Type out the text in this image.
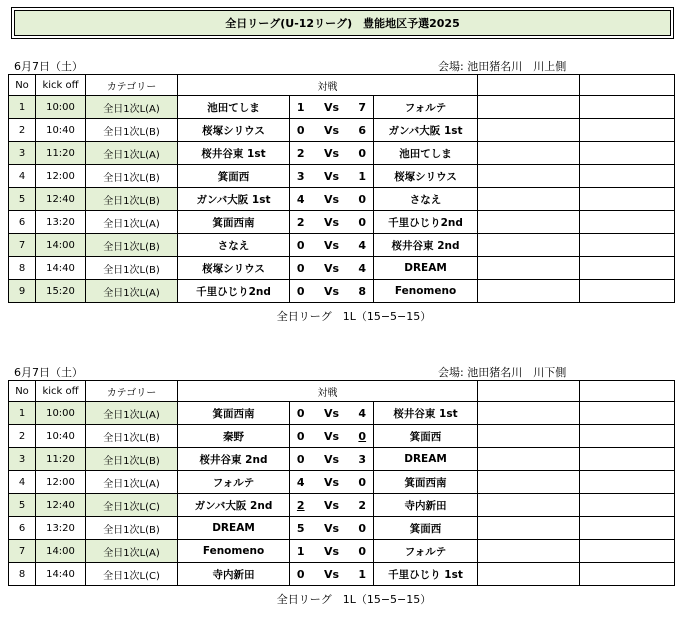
全日リーグ(U-12リーグ)　豊能地区予選2025
6月7日（土）	会場: 池田猪名川　川上側
No	kick off	カテゴリー	対戦						
1	10:00	全日1次L(A)	池田てしま	1	Vs	7	フォルテ		
2	10:40	全日1次L(B)	桜塚シリウス	0	Vs	6	ガンバ大阪 1st		
3	11:20	全日1次L(A)	桜井谷東 1st	2	Vs	0	池田てしま		
4	12:00	全日1次L(B)	箕面西	3	Vs	1	桜塚シリウス		
5	12:40	全日1次L(B)	ガンバ大阪 1st	4	Vs	0	さなえ		
6	13:20	全日1次L(A)	箕面西南	2	Vs	0	千里ひじり2nd		
7	14:00	全日1次L(B)	さなえ	0	Vs	4	桜井谷東 2nd		
8	14:40	全日1次L(B)	桜塚シリウス	0	Vs	4	DREAM		
9	15:20	全日1次L(A)	千里ひじり2nd	0	Vs	8	Fenomeno		
全日リーグ　1L（15−5−15）
6月7日（土）	会場: 池田猪名川　川下側
No	kick off	カテゴリー	対戦						
1	10:00	全日1次L(A)	箕面西南	0	Vs	4	桜井谷東 1st		
2	10:40	全日1次L(B)	秦野	0	Vs	0	箕面西		
3	11:20	全日1次L(B)	桜井谷東 2nd	0	Vs	3	DREAM		
4	12:00	全日1次L(A)	フォルテ	4	Vs	0	箕面西南		
5	12:40	全日1次L(C)	ガンバ大阪 2nd	2	Vs	2	寺内新田		
6	13:20	全日1次L(B)	DREAM	5	Vs	0	箕面西		
7	14:00	全日1次L(A)	Fenomeno	1	Vs	0	フォルテ		
8	14:40	全日1次L(C)	寺内新田	0	Vs	1	千里ひじり 1st		
全日リーグ　1L（15−5−15）
